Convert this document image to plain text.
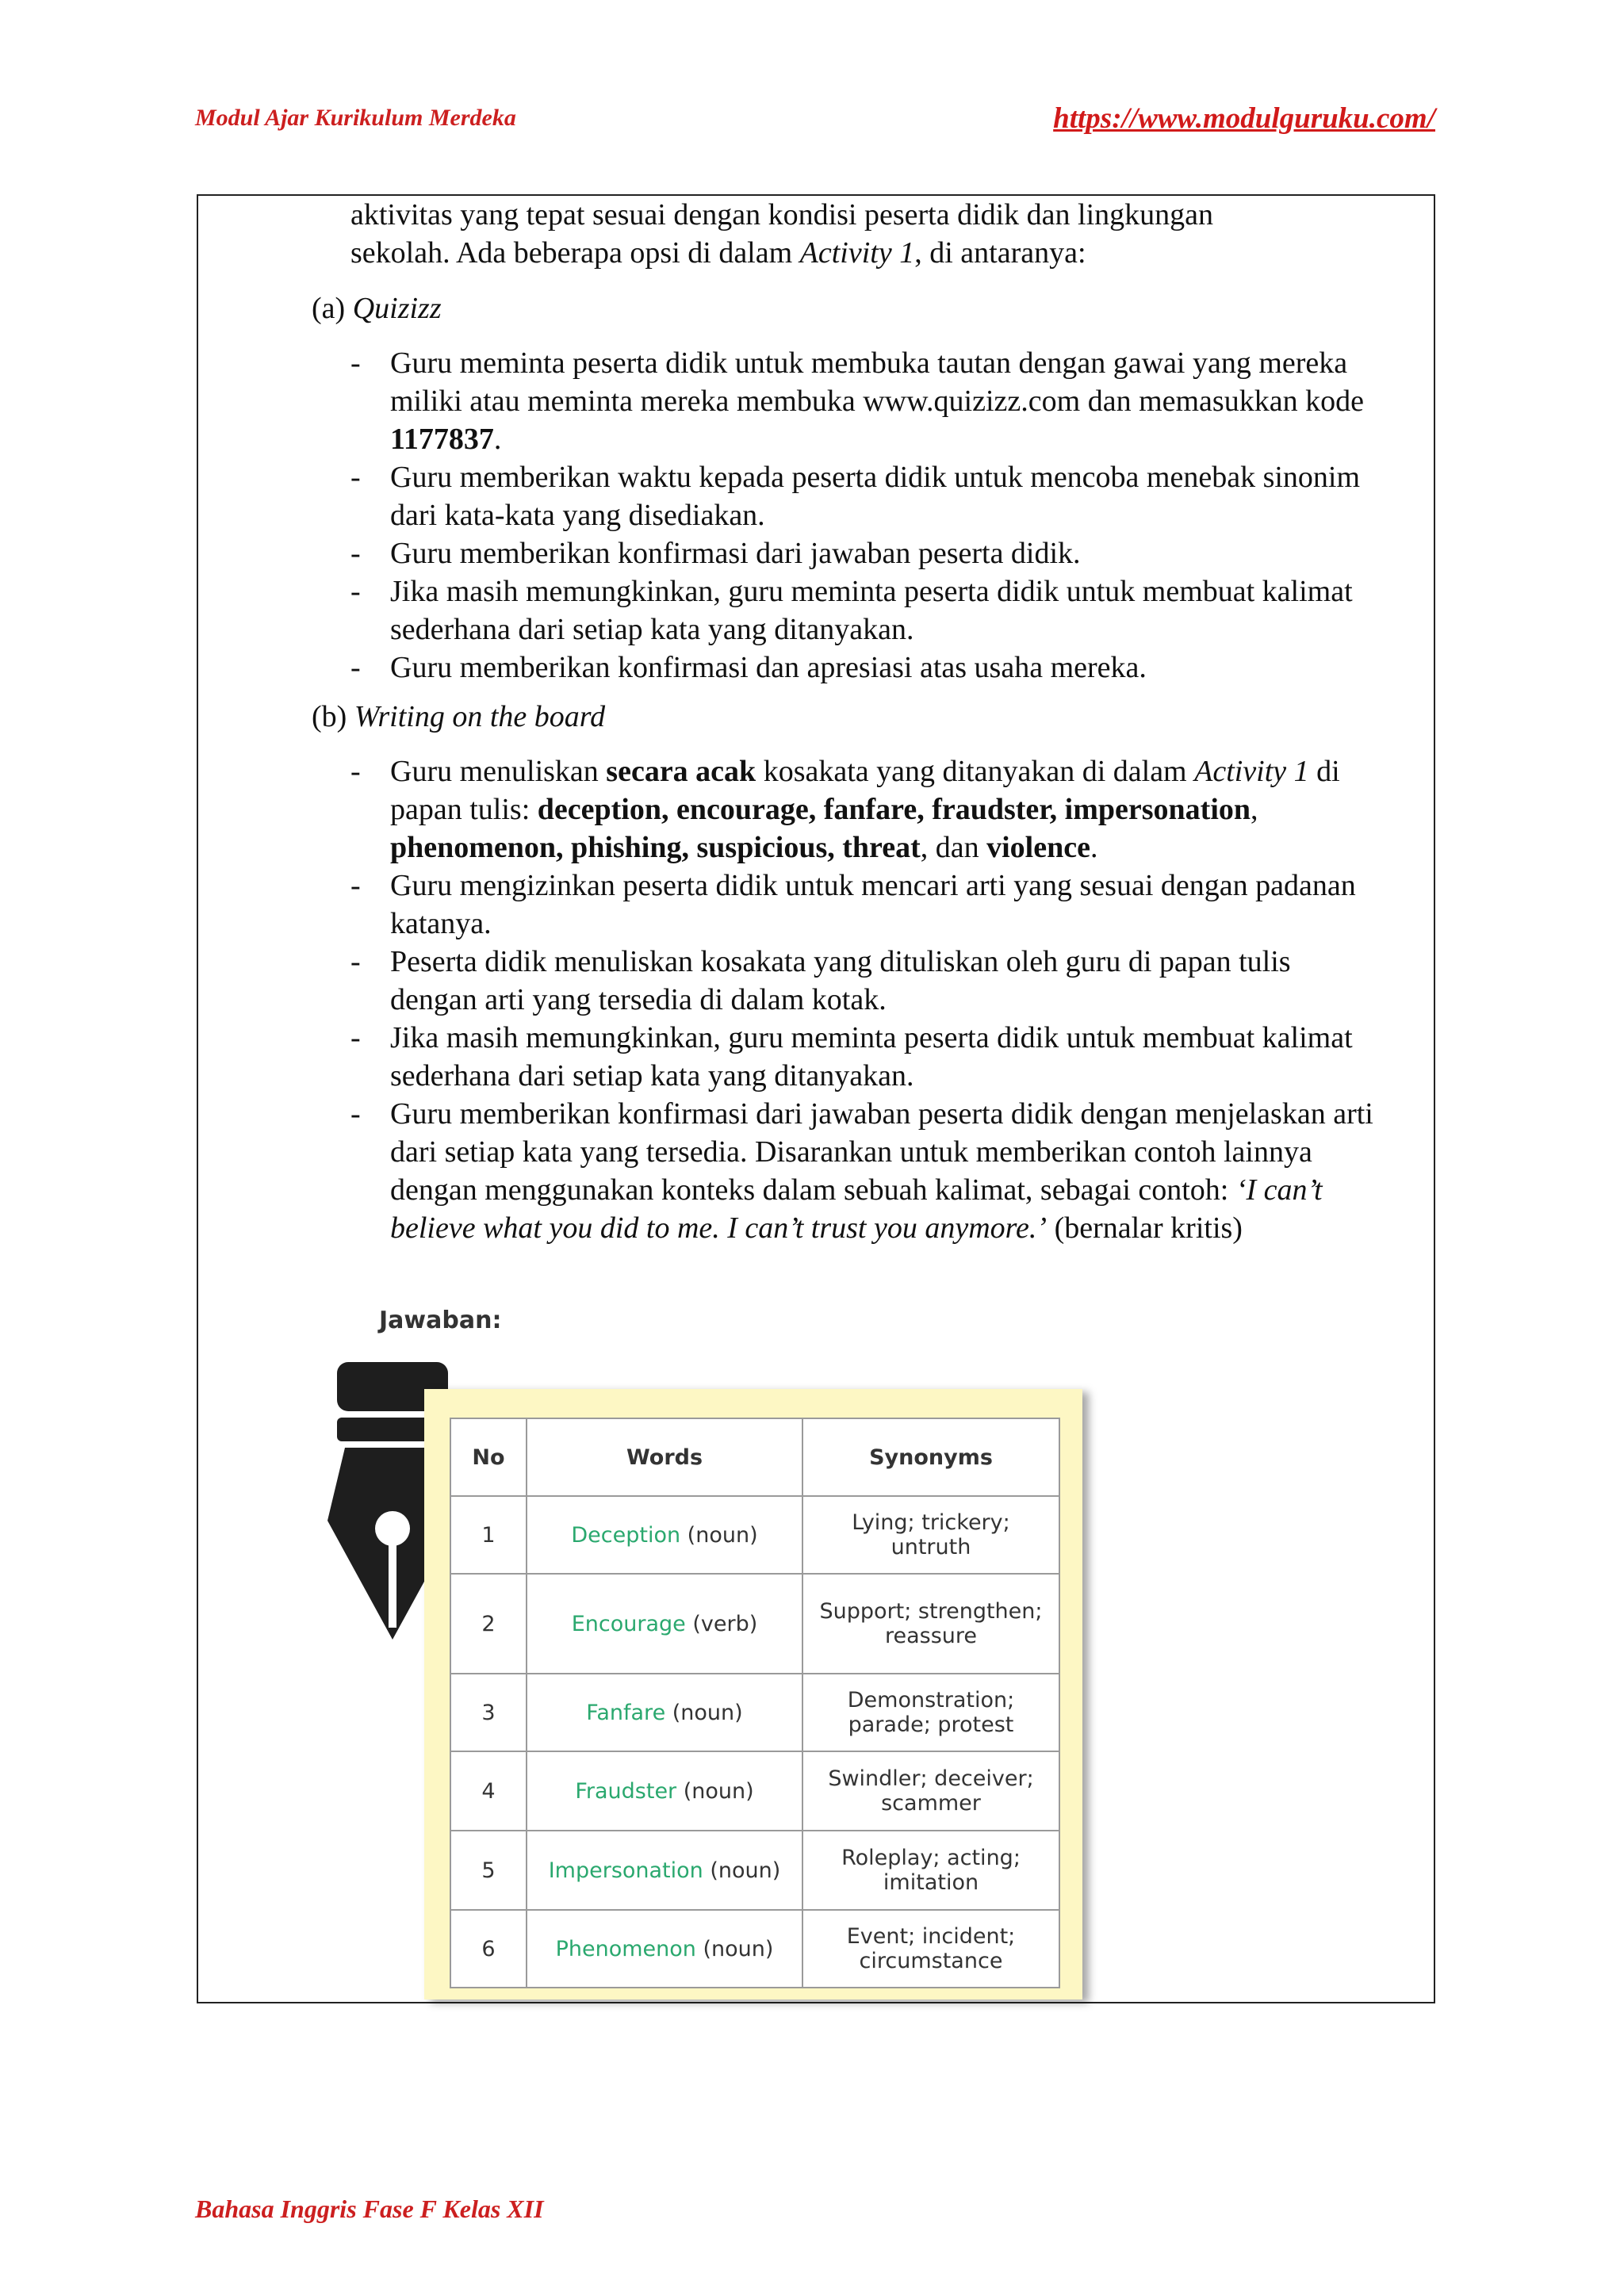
Modul Ajar Kurikulum Merdeka	https://www.modulguruku.com/
aktivitas yang tepat sesuai dengan kondisi peserta didik dan lingkungan
sekolah. Ada beberapa opsi di dalam Activity 1, di antaranya:
(a) Quizizz
- Guru meminta peserta didik untuk membuka tautan dengan gawai yang mereka miliki atau meminta mereka membuka www.quizizz.com dan memasukkan kode 1177837.
- Guru memberikan waktu kepada peserta didik untuk mencoba menebak sinonim dari kata-kata yang disediakan.
- Guru memberikan konfirmasi dari jawaban peserta didik.
- Jika masih memungkinkan, guru meminta peserta didik untuk membuat kalimat sederhana dari setiap kata yang ditanyakan.
- Guru memberikan konfirmasi dan apresiasi atas usaha mereka.
(b) Writing on the board
- Guru menuliskan secara acak kosakata yang ditanyakan di dalam Activity 1 di papan tulis: deception, encourage, fanfare, fraudster, impersonation, phenomenon, phishing, suspicious, threat, dan violence.
- Guru mengizinkan peserta didik untuk mencari arti yang sesuai dengan padanan katanya.
- Peserta didik menuliskan kosakata yang dituliskan oleh guru di papan tulis dengan arti yang tersedia di dalam kotak.
- Jika masih memungkinkan, guru meminta peserta didik untuk membuat kalimat sederhana dari setiap kata yang ditanyakan.
- Guru memberikan konfirmasi dari jawaban peserta didik dengan menjelaskan arti dari setiap kata yang tersedia. Disarankan untuk memberikan contoh lainnya dengan menggunakan konteks dalam sebuah kalimat, sebagai contoh: ‘I can’t believe what you did to me. I can’t trust you anymore.’ (bernalar kritis)
Jawaban:
No	Words	Synonyms
1	Deception (noun)	Lying; trickery; untruth
2	Encourage (verb)	Support; strengthen; reassure
3	Fanfare (noun)	Demonstration; parade; protest
4	Fraudster (noun)	Swindler; deceiver; scammer
5	Impersonation (noun)	Roleplay; acting; imitation
6	Phenomenon (noun)	Event; incident; circumstance
Bahasa Inggris Fase F Kelas XII
